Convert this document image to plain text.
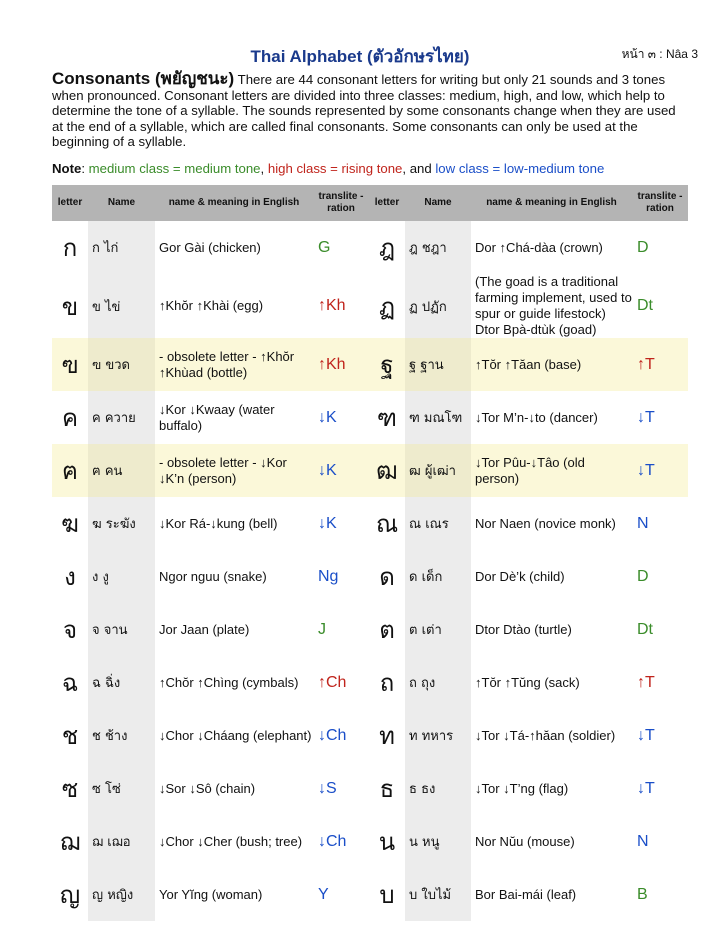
Thai Alphabet (ตัวอักษรไทย)	หน้า ๓ : Nâa 3
Consonants (พยัญชนะ) There are 44 consonant letters for writing but only 21 sounds and 3 tones when pronounced. Consonant letters are divided into three classes: medium, high, and low, which help to determine the tone of a syllable. The sounds represented by some consonants change when they are used at the end of a syllable, which are called final consonants. Some consonants can only be used at the beginning of a syllable.
Note: medium class = medium tone, high class = rising tone, and low class = low-medium tone
letter	Name	name & meaning in English	translite -ration	letter	Name	name & meaning in English	translite -ration
ก	ก ไก่	Gor Gài (chicken)	G	ฎ	ฎ ชฎา	Dor ↑Chá-dàa (crown)	D
ข	ข ไข่	↑Khŏr ↑Khài (egg)	↑Kh	ฏ	ฏ ปฏัก	(The goad is a traditional farming implement, used to spur or guide lifestock) Dtor Bpà-dtùk (goad)	Dt
ฃ	ฃ ขวด	- obsolete letter - ↑Khŏr ↑Khùad (bottle)	↑Kh	ฐ	ฐ ฐาน	↑Tŏr ↑Tăan (base)	↑T
ค	ค ควาย	↓Kor ↓Kwaay (water buffalo)	↓K	ฑ	ฑ มณโฑ	↓Tor M’n-↓to (dancer)	↓T
ฅ	ฅ คน	- obsolete letter - ↓Kor ↓K’n (person)	↓K	ฒ	ฒ ผู้เฒ่า	↓Tor Pûu-↓Tâo (old person)	↓T
ฆ	ฆ ระฆัง	↓Kor Rá-↓kung (bell)	↓K	ณ	ณ เณร	Nor Naen (novice monk)	N
ง	ง งู	Ngor nguu (snake)	Ng	ด	ด เด็ก	Dor Dè’k (child)	D
จ	จ จาน	Jor Jaan (plate)	J	ต	ต เต่า	Dtor Dtào (turtle)	Dt
ฉ	ฉ ฉิ่ง	↑Chŏr ↑Chìng (cymbals)	↑Ch	ถ	ถ ถุง	↑Tŏr ↑Tŭng (sack)	↑T
ช	ช ช้าง	↓Chor ↓Cháang (elephant)	↓Ch	ท	ท ทหาร	↓Tor ↓Tá-↑hăan (soldier)	↓T
ซ	ซ โซ่	↓Sor ↓Sô (chain)	↓S	ธ	ธ ธง	↓Tor ↓T’ng (flag)	↓T
ฌ	ฌ เฌอ	↓Chor ↓Cher (bush; tree)	↓Ch	น	น หนู	Nor Nŭu (mouse)	N
ญ	ญ หญิง	Yor Yĭng (woman)	Y	บ	บ ใบไม้	Bor Bai-mái (leaf)	B
